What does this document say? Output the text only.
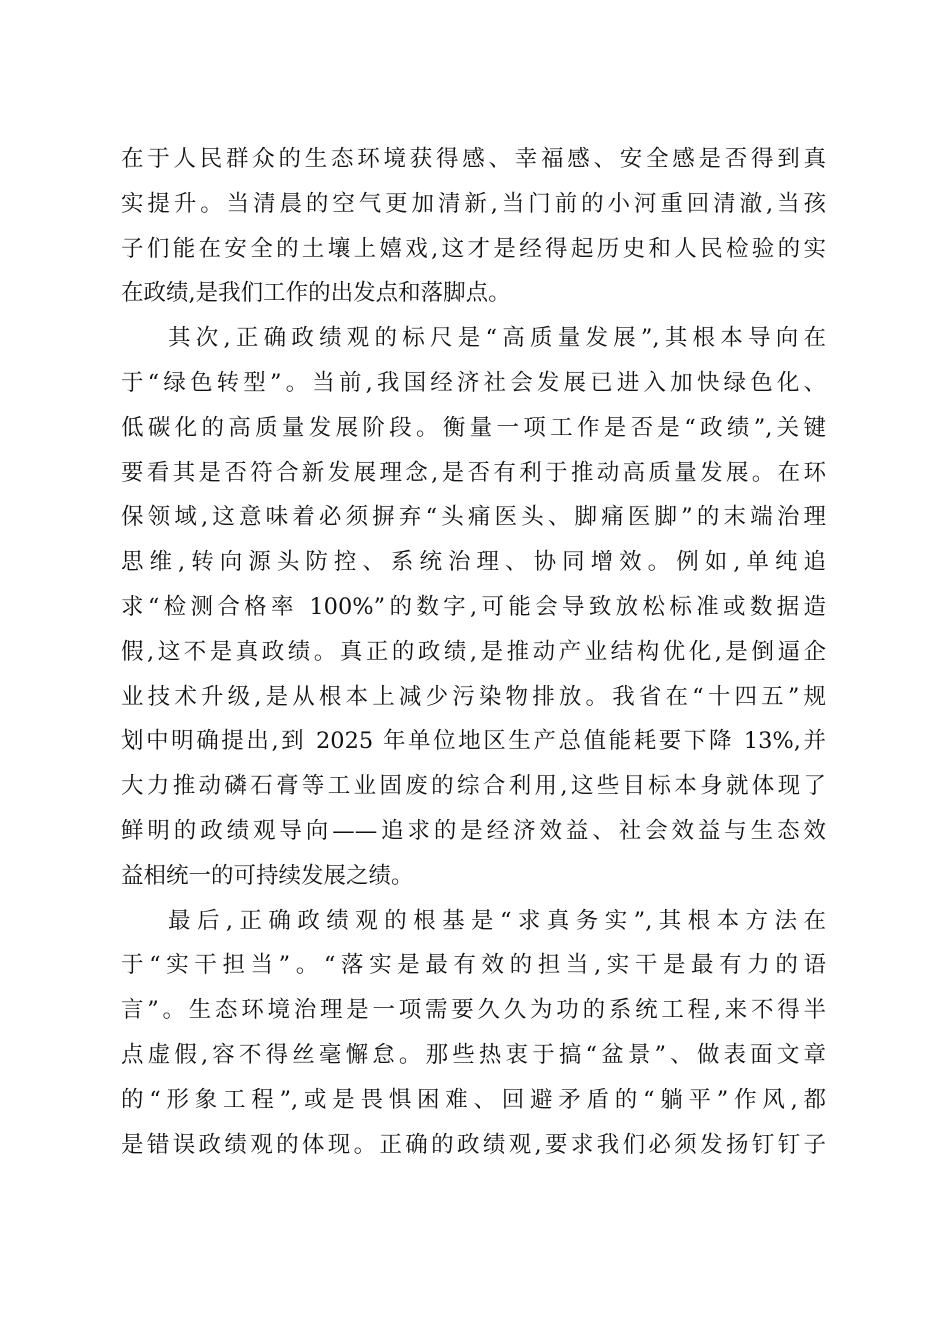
在于人民群众的生态环境获得感、幸福感、安全感是否得到真
实提升。当清晨的空气更加清新,当门前的小河重回清澈,当孩
子们能在安全的土壤上嬉戏,这才是经得起历史和人民检验的实
在政绩,是我们工作的出发点和落脚点。
其次,正确政绩观的标尺是“高质量发展”,其根本导向在
于“绿色转型”。当前,我国经济社会发展已进入加快绿色化、
低碳化的高质量发展阶段。衡量一项工作是否是“政绩”,关键
要看其是否符合新发展理念,是否有利于推动高质量发展。在环
保领域,这意味着必须摒弃“头痛医头、脚痛医脚”的末端治理
思维,转向源头防控、系统治理、协同增效。例如,单纯追
求“检测合格率 100%”的数字,可能会导致放松标准或数据造
假,这不是真政绩。真正的政绩,是推动产业结构优化,是倒逼企
业技术升级,是从根本上减少污染物排放。我省在“十四五”规
划中明确提出,到 2025 年单位地区生产总值能耗要下降 13%,并
大力推动磷石膏等工业固废的综合利用,这些目标本身就体现了
鲜明的政绩观导向——追求的是经济效益、社会效益与生态效
益相统一的可持续发展之绩。
最后,正确政绩观的根基是“求真务实”,其根本方法在
于“实干担当”。“落实是最有效的担当,实干是最有力的语
言”。生态环境治理是一项需要久久为功的系统工程,来不得半
点虚假,容不得丝毫懈怠。那些热衷于搞“盆景”、做表面文章
的“形象工程”,或是畏惧困难、回避矛盾的“躺平”作风,都
是错误政绩观的体现。正确的政绩观,要求我们必须发扬钉钉子
